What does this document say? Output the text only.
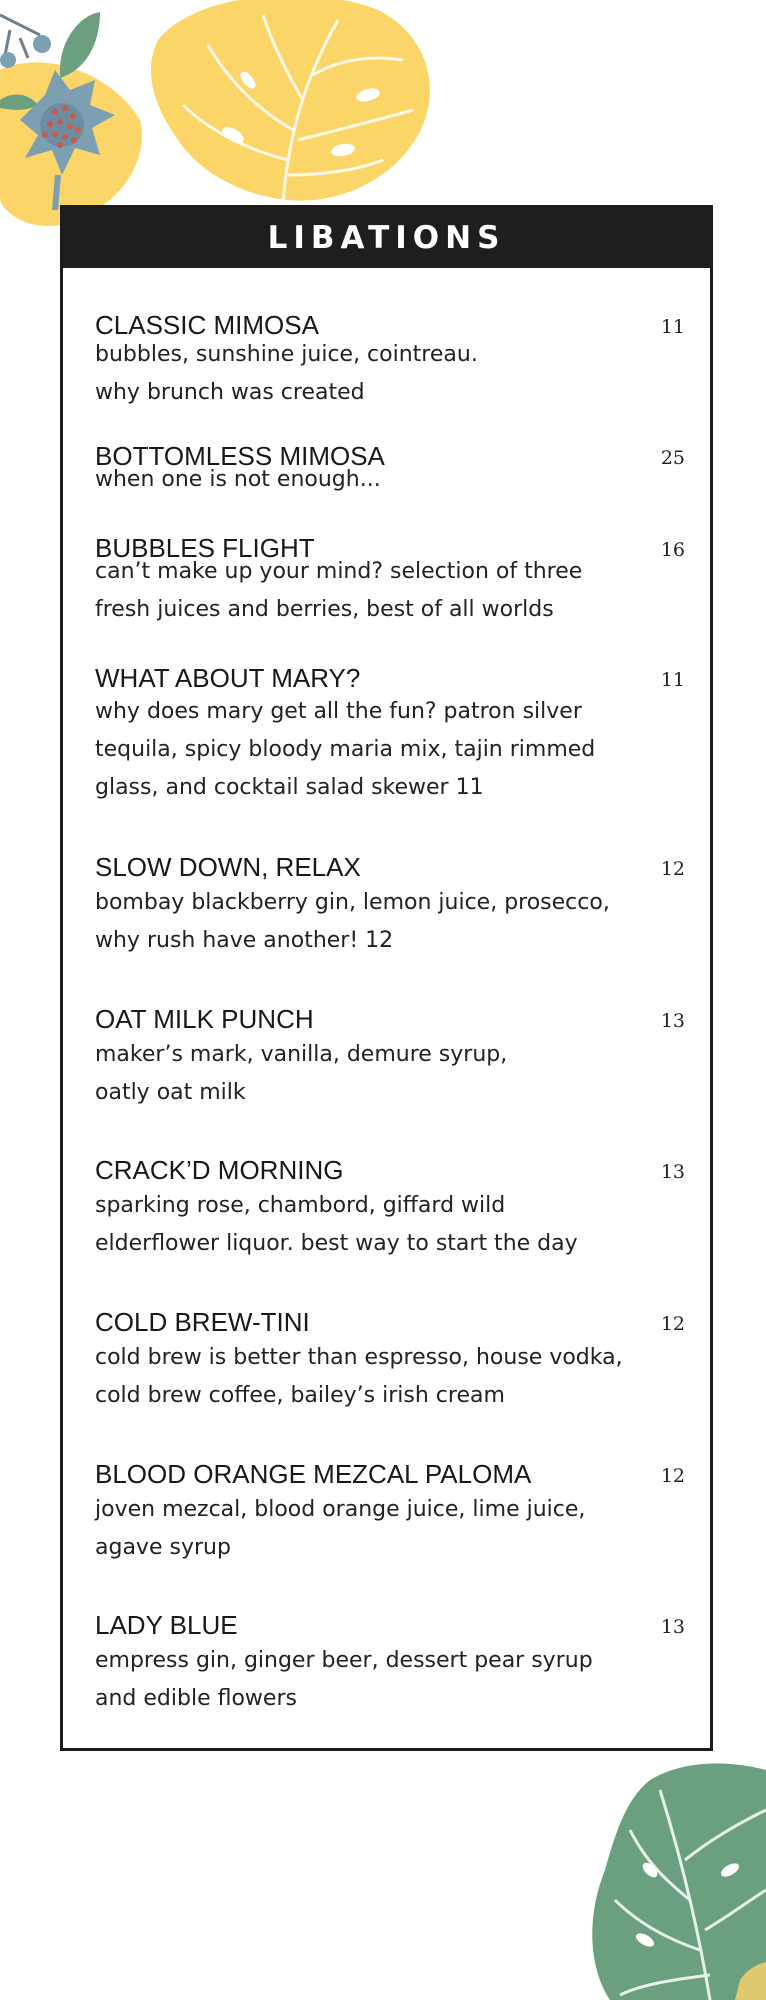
LIBATIONS
CLASSIC MIMOSA	11
bubbles, sunshine juice, cointreau.
why brunch was created
BOTTOMLESS MIMOSA	25
when one is not enough...
BUBBLES FLIGHT	16
can’t make up your mind? selection of three
fresh juices and berries, best of all worlds
WHAT ABOUT MARY?	11
why does mary get all the fun? patron silver
tequila, spicy bloody maria mix, tajin rimmed
glass, and cocktail salad skewer 11
SLOW DOWN, RELAX	12
bombay blackberry gin, lemon juice, prosecco,
why rush have another! 12
OAT MILK PUNCH	13
maker’s mark, vanilla, demure syrup,
oatly oat milk
CRACK’D MORNING	13
sparking rose, chambord, giffard wild
elderflower liquor. best way to start the day
COLD BREW-TINI	12
cold brew is better than espresso, house vodka,
cold brew coffee, bailey’s irish cream
BLOOD ORANGE MEZCAL PALOMA	12
joven mezcal, blood orange juice, lime juice,
agave syrup
LADY BLUE	13
empress gin, ginger beer, dessert pear syrup
and edible flowers
